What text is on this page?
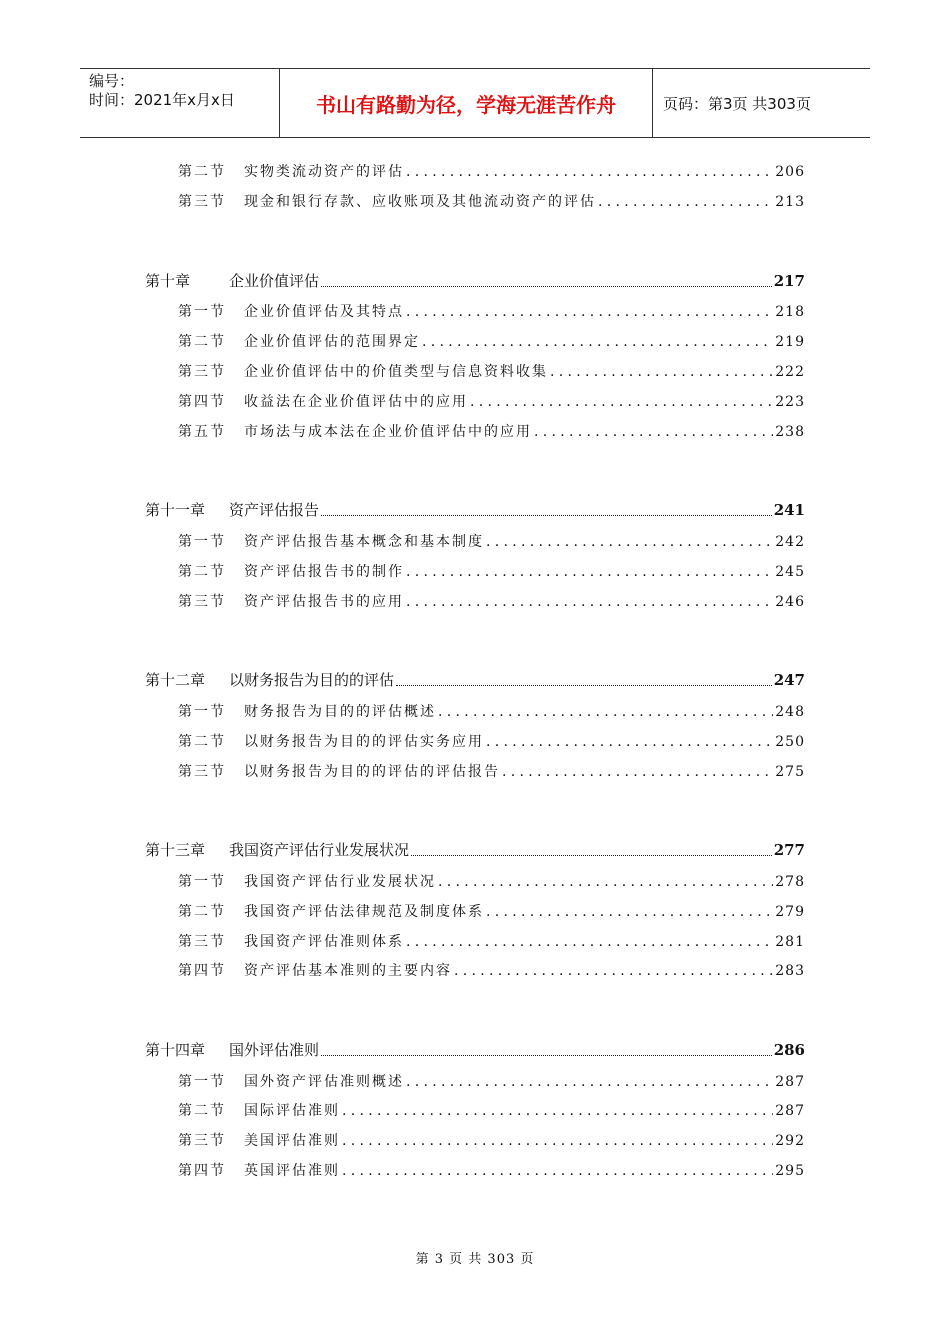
编号：
时间：2021年x月x日	书山有路勤为径，学海无涯苦作舟	页码：第3页 共303页
第二节 实物类流动资产的评估 .....	206
第三节 现金和银行存款、应收账项及其他流动资产的评估 .....	213
第十章	企业价值评估	217
第一节 企业价值评估及其特点 .....	218
第二节 企业价值评估的范围界定 .....	219
第三节 企业价值评估中的价值类型与信息资料收集 .....	222
第四节 收益法在企业价值评估中的应用 .....	223
第五节 市场法与成本法在企业价值评估中的应用 .....	238
第十一章 资产评估报告	241
第一节 资产评估报告基本概念和基本制度 .....	242
第二节 资产评估报告书的制作 .....	245
第三节 资产评估报告书的应用 .....	246
第十二章 以财务报告为目的的评估	247
第一节 财务报告为目的的评估概述 .....	248
第二节 以财务报告为目的的评估实务应用 .....	250
第三节 以财务报告为目的的评估的评估报告 .....	275
第十三章 我国资产评估行业发展状况	277
第一节 我国资产评估行业发展状况 .....	278
第二节 我国资产评估法律规范及制度体系 .....	279
第三节 我国资产评估准则体系 .....	281
第四节 资产评估基本准则的主要内容 .....	283
第十四章 国外评估准则	286
第一节 国外资产评估准则概述 .....	287
第二节 国际评估准则 .....	287
第三节 美国评估准则 .....	292
第四节 英国评估准则 .....	295
第 3 页 共 303 页
